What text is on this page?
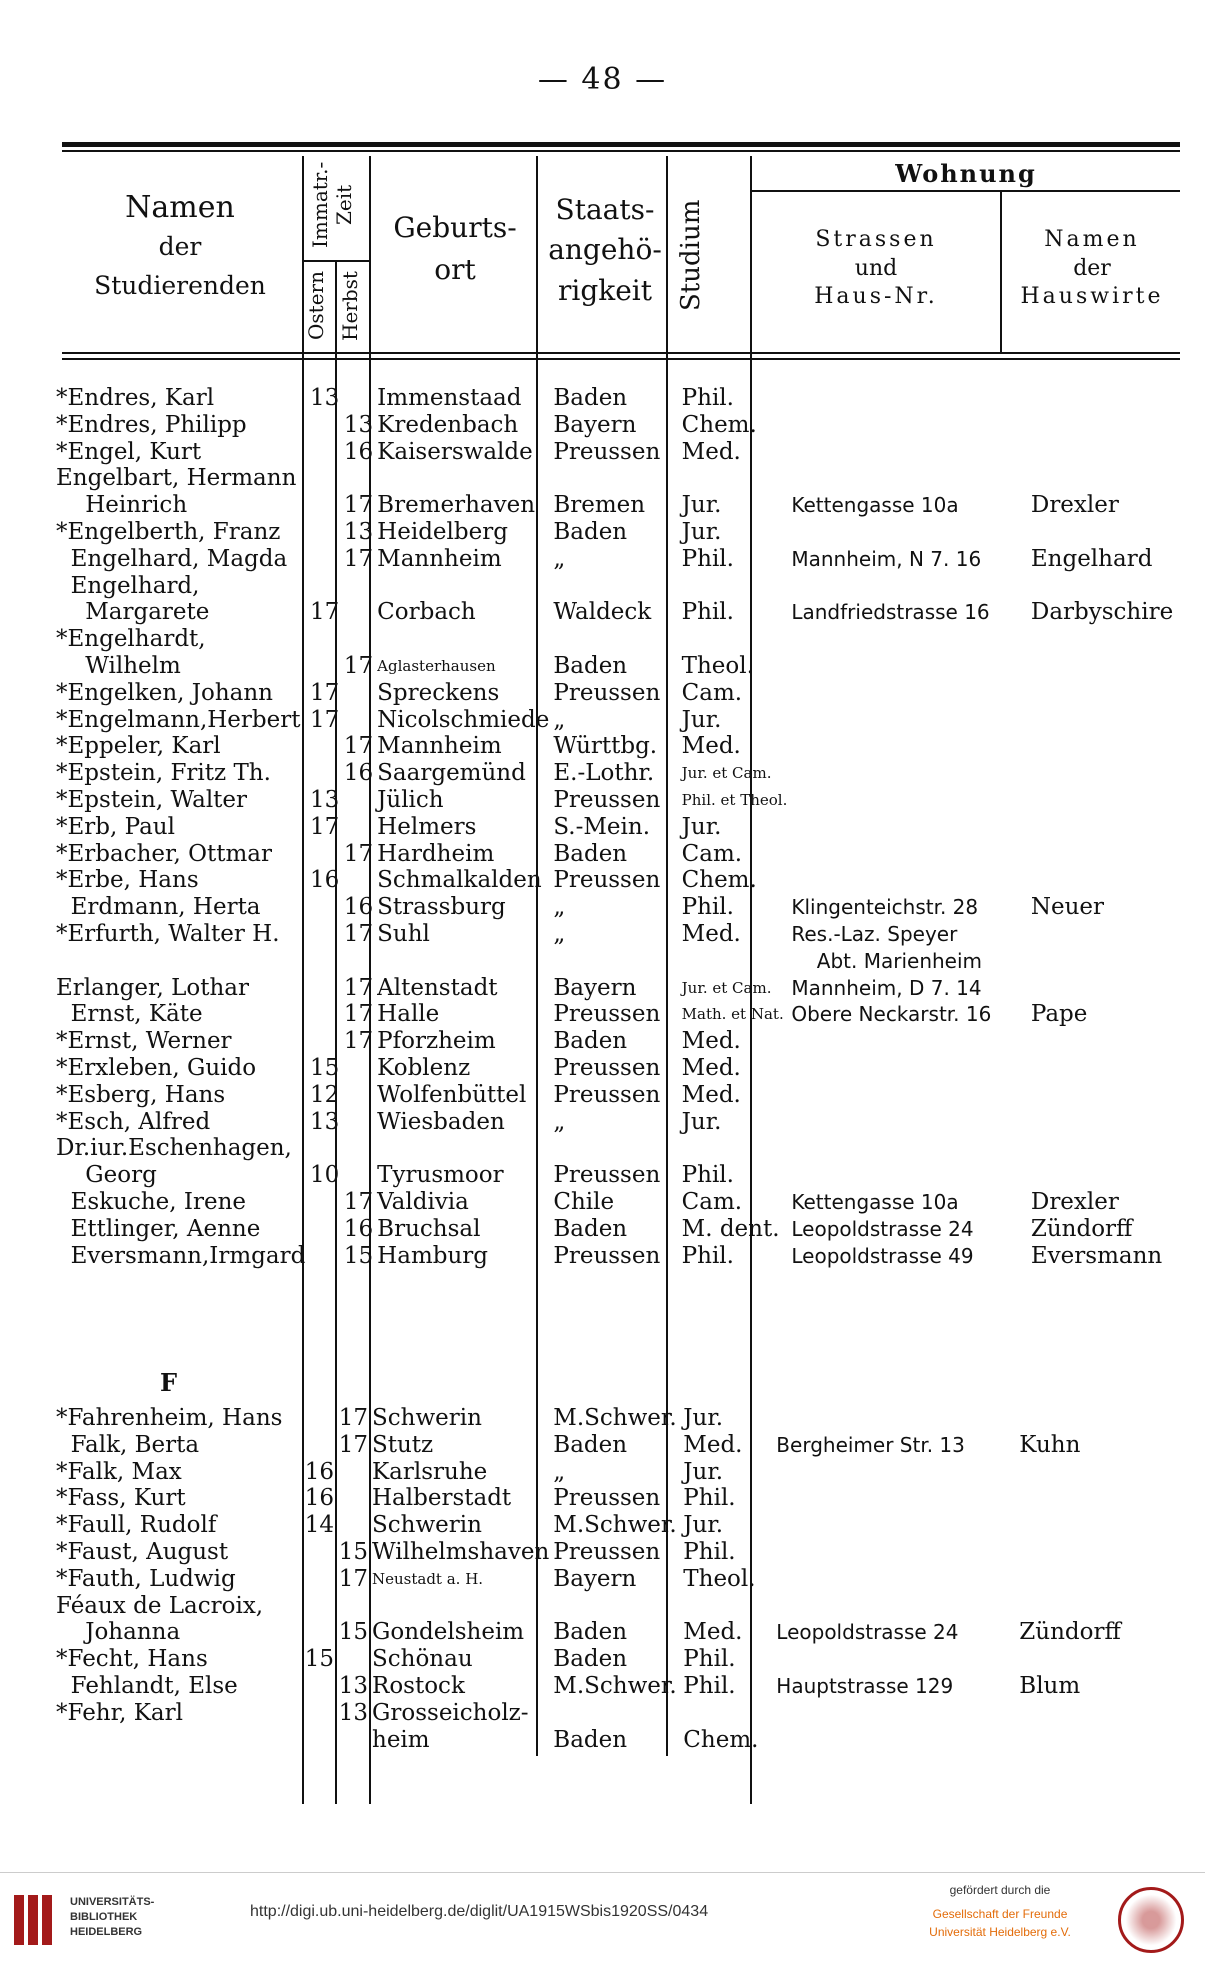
— 48 —
Namen
der
Studierenden
Immatr.-Zeit
Ostern Herbst
Geburts-
ort
Staats-
angehö-
rigkeit Studium
Wohnung
Strassen
und
Haus-Nr.
Namen
der
Hauswirte
*Endres, Karl	13		Immenstaad	Baden	Phil.		
*Endres, Philipp		13	Kredenbach	Bayern	Chem.		
*Engel, Kurt		16	Kaiserswalde	Preussen	Med.		
Engelbart, Hermann							
Heinrich		17	Bremerhaven	Bremen	Jur.	Kettengasse 10a	Drexler
*Engelberth, Franz		13	Heidelberg	Baden	Jur.		
Engelhard, Magda		17	Mannheim	„	Phil.	Mannheim, N 7. 16	Engelhard
Engelhard,							
Margarete	17		Corbach	Waldeck	Phil.	Landfriedstrasse 16	Darbyschire
*Engelhardt,							
Wilhelm		17	Aglasterhausen	Baden	Theol.		
*Engelken, Johann	17		Spreckens	Preussen	Cam.		
*Engelmann,Herbert	17		Nicolschmiede	„	Jur.		
*Eppeler, Karl		17	Mannheim	Württbg.	Med.		
*Epstein, Fritz Th.		16	Saargemünd	E.-Lothr.	Jur. et Cam.		
*Epstein, Walter	13		Jülich	Preussen	Phil. et Theol.		
*Erb, Paul	17		Helmers	S.-Mein.	Jur.		
*Erbacher, Ottmar		17	Hardheim	Baden	Cam.		
*Erbe, Hans	16		Schmalkalden	Preussen	Chem.		
Erdmann, Herta		16	Strassburg	„	Phil.	Klingenteichstr. 28	Neuer
*Erfurth, Walter H.		17	Suhl	„	Med.	Res.-Laz. Speyer	
						Abt. Marienheim	
Erlanger, Lothar		17	Altenstadt	Bayern	Jur. et Cam.	Mannheim, D 7. 14	
Ernst, Käte		17	Halle	Preussen	Math. et Nat.	Obere Neckarstr. 16	Pape
*Ernst, Werner		17	Pforzheim	Baden	Med.		
*Erxleben, Guido	15		Koblenz	Preussen	Med.		
*Esberg, Hans	12		Wolfenbüttel	Preussen	Med.		
*Esch, Alfred	13		Wiesbaden	„	Jur.		
Dr.iur.Eschenhagen,							
Georg	10		Tyrusmoor	Preussen	Phil.		
Eskuche, Irene		17	Valdivia	Chile	Cam.	Kettengasse 10a	Drexler
Ettlinger, Aenne		16	Bruchsal	Baden	M. dent.	Leopoldstrasse 24	Zündorff
Eversmann,Irmgard		15	Hamburg	Preussen	Phil.	Leopoldstrasse 49	Eversmann
F
*Fahrenheim, Hans		17	Schwerin	M.Schwer.	Jur.		
Falk, Berta		17	Stutz	Baden	Med.	Bergheimer Str. 13	Kuhn
*Falk, Max	16		Karlsruhe	„	Jur.		
*Fass, Kurt	16		Halberstadt	Preussen	Phil.		
*Faull, Rudolf	14		Schwerin	M.Schwer.	Jur.		
*Faust, August		15	Wilhelmshaven	Preussen	Phil.		
*Fauth, Ludwig		17	Neustadt a. H.	Bayern	Theol.		
Féaux de Lacroix,							
Johanna		15	Gondelsheim	Baden	Med.	Leopoldstrasse 24	Zündorff
*Fecht, Hans	15		Schönau	Baden	Phil.		
Fehlandt, Else		13	Rostock	M.Schwer.	Phil.	Hauptstrasse 129	Blum
*Fehr, Karl		13	Grosseicholz-				
			heim	Baden	Chem.		
UNIVERSITÄTS-
BIBLIOTHEK
HEIDELBERG
http://digi.ub.uni-heidelberg.de/diglit/UA1915WSbis1920SS/0434
gefördert durch die
Gesellschaft der Freunde
Universität Heidelberg e.V.
